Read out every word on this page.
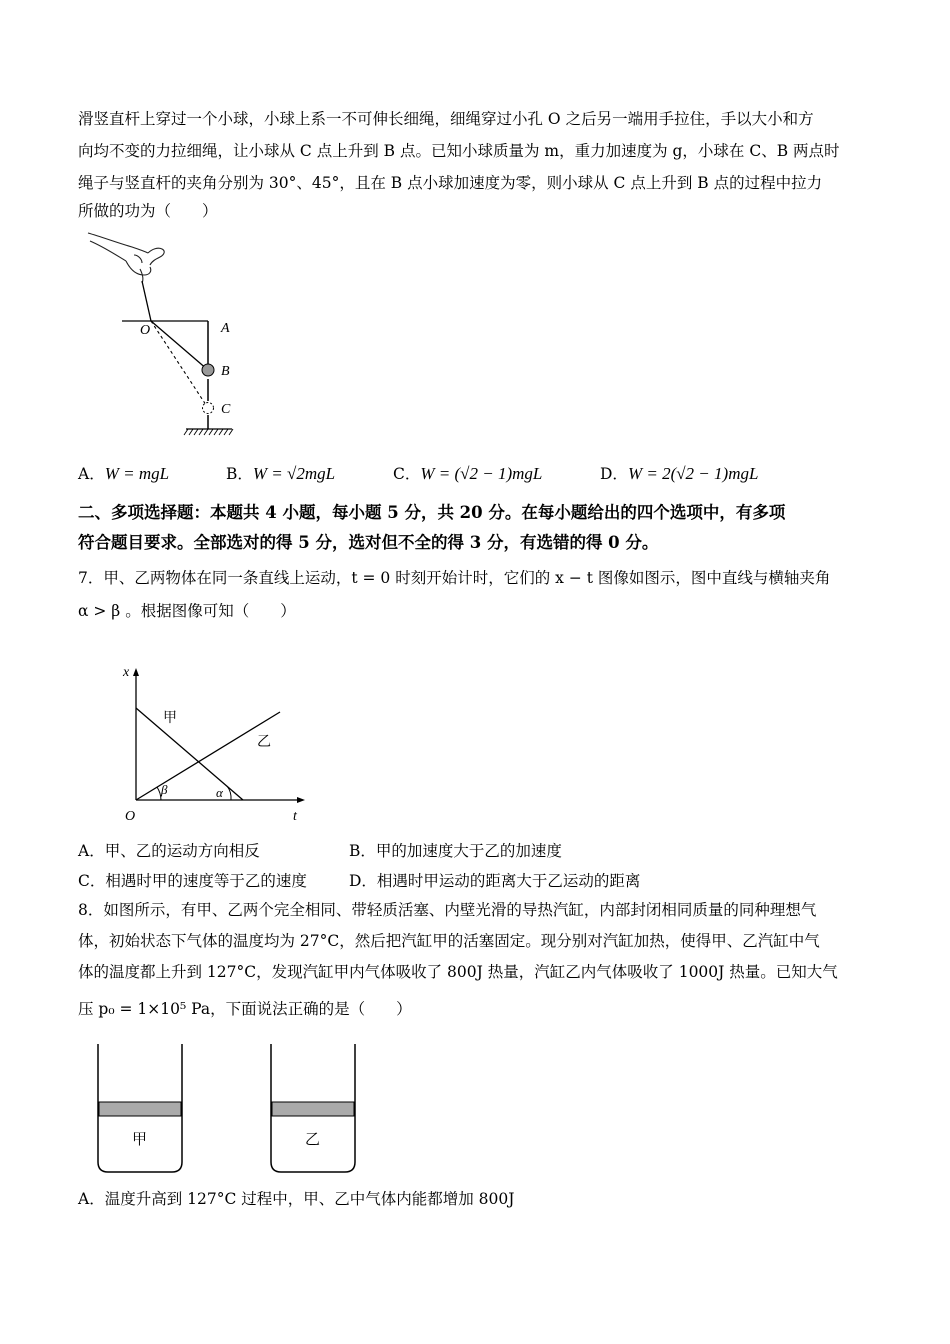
滑竖直杆上穿过一个小球，小球上系一不可伸长细绳，细绳穿过小孔 O 之后另一端用手拉住，手以大小和方
向均不变的力拉细绳，让小球从 C 点上升到 B 点。已知小球质量为 m，重力加速度为 g，小球在 C、B 两点时
绳子与竖直杆的夹角分别为 30°、45°，且在 B 点小球加速度为零，则小球从 C 点上升到 B 点的过程中拉力
所做的功为（　　）
O	A
B
C
A．W = mgL	B．W = √2mgL	C．W = (√2 − 1)mgL	D．W = 2(√2 − 1)mgL
二、多项选择题：本题共 4 小题，每小题 5 分，共 20 分。在每小题给出的四个选项中，有多项
符合题目要求。全部选对的得 5 分，选对但不全的得 3 分，有选错的得 0 分。
7．甲、乙两物体在同一条直线上运动，t = 0 时刻开始计时，它们的 x − t 图像如图示，图中直线与横轴夹角
α > β 。根据图像可知（　　）
x
t
O
甲
乙
α
β
A．甲、乙的运动方向相反	B．甲的加速度大于乙的加速度
C．相遇时甲的速度等于乙的速度	D．相遇时甲运动的距离大于乙运动的距离
8．如图所示，有甲、乙两个完全相同、带轻质活塞、内壁光滑的导热汽缸，内部封闭相同质量的同种理想气
体，初始状态下气体的温度均为 27°C，然后把汽缸甲的活塞固定。现分别对汽缸加热，使得甲、乙汽缸中气
体的温度都上升到 127°C，发现汽缸甲内气体吸收了 800J 热量，汽缸乙内气体吸收了 1000J 热量。已知大气
压 p₀ = 1×10⁵ Pa，下面说法正确的是（　　）
甲	乙
A．温度升高到 127°C 过程中，甲、乙中气体内能都增加 800J
